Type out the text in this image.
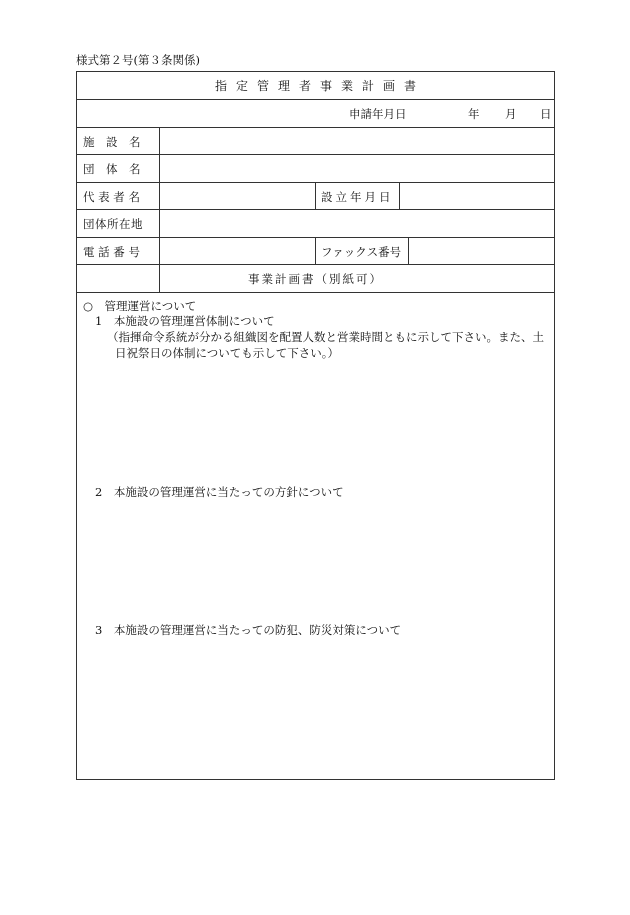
様式第２号(第３条関係)
指定管理者事業計画書
申請年月日	年 月 日
施　設　名
団　体　名
代 表 者 名	設立年月日
団体所在地
電 話 番 号	ファックス番号
事業計画書（別紙可）
○　管理運営について
1　本施設の管理運営体制について
（指揮命令系統が分かる組織図を配置人数と営業時間ともに示して下さい。また、土
日祝祭日の体制についても示して下さい。）
2　本施設の管理運営に当たっての方針について
3　本施設の管理運営に当たっての防犯、防災対策について
